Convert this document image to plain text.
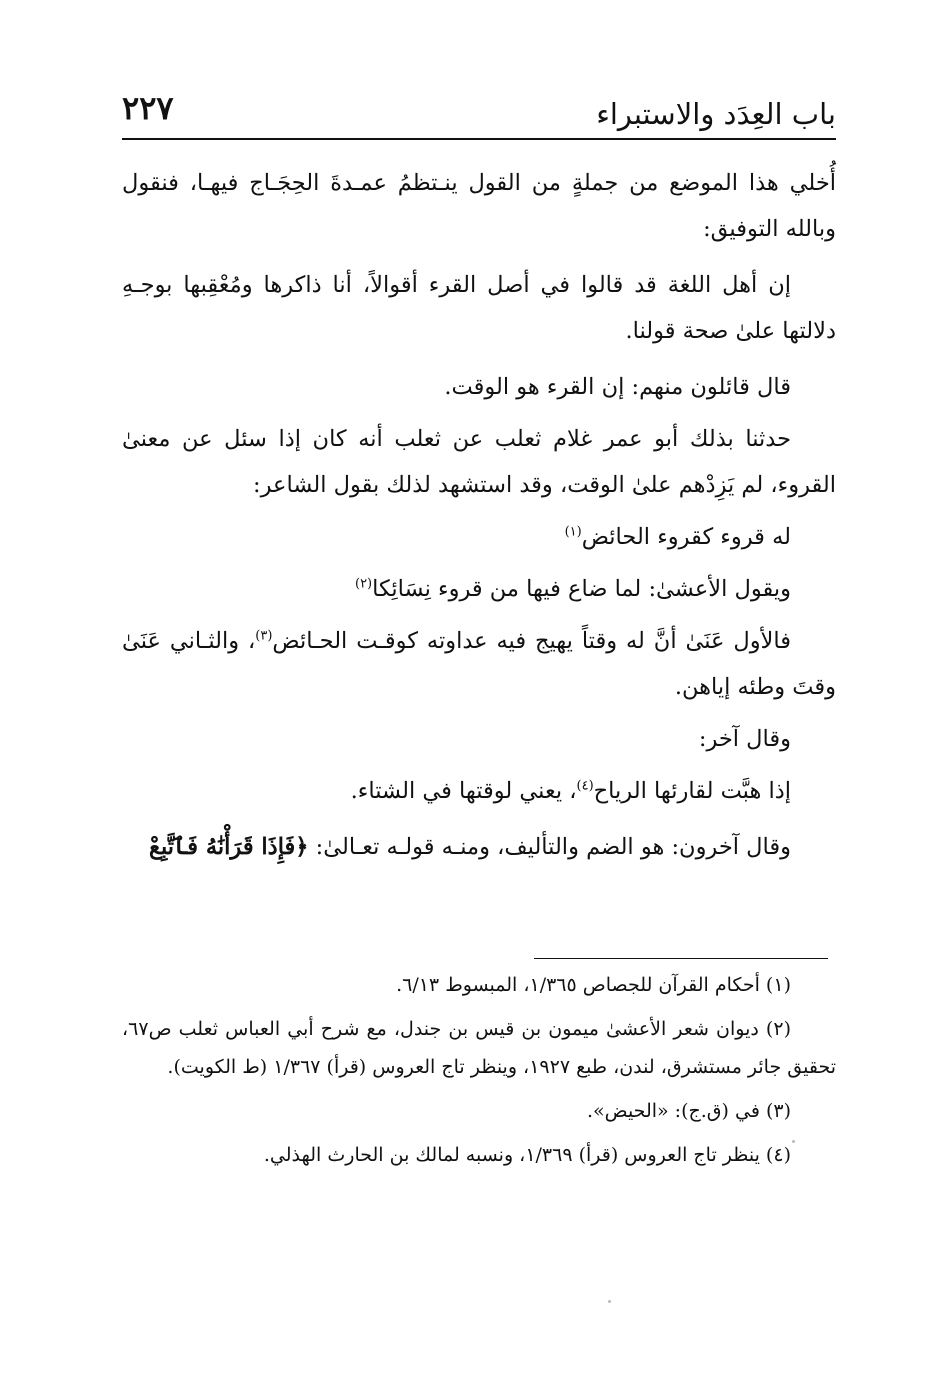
باب العِدَد والاستبراء
٢٢٧

أُخلي هذا الموضع من جملةٍ من القول ينـتظمُ عمـدةَ الحِجَـاج فيهـا، فنقول وبالله التوفيق:

إن أهل اللغة قد قالوا في أصل القرء أقوالاً، أنا ذاكرها ومُعْقِبها بوجـهِ دلالتها علىٰ صحة قولنا.

قال قائلون منهم: إن القرء هو الوقت.

حدثنا بذلك أبو عمر غلام ثعلب عن ثعلب أنه كان إذا سئل عن معنىٰ القروء، لم يَزِدْهم علىٰ الوقت، وقد استشهد لذلك بقول الشاعر:

له قروء كقروء الحائض$^{(١)}$

ويقول الأعشىٰ: لما ضاع فيها من قروء نِسَائِكا$^{(٢)}$

فالأول عَنَىٰ أنَّ له وقتاً يهيج فيه عداوته كوقـت الحـائض$^{(٣)}$، والثـاني عَنَىٰ وقتَ وطئه إياهن.

وقال آخر:

إذا هبَّت لقارئها الرياح$^{(٤)}$، يعني لوقتها في الشتاء.

وقال آخرون: هو الضم والتأليف، ومنـه قولـه تعـالىٰ: ﴿فَإِذَا قَرَأْنَٰهُ فَٱتَّبِعْ

(١) أحكام القرآن للجصاص ١/٣٦٥، المبسوط ٦/١٣.

(٢) ديوان شعر الأعشىٰ ميمون بن قيس بن جندل، مع شرح أبي العباس ثعلب ص٦٧، تحقيق جائر مستشرق، لندن، طبع ١٩٢٧، وينظر تاج العروس (قرأ) ١/٣٦٧ (ط الكويت).

(٣) في (ق.ج): «الحيض».

(٤) ينظر تاج العروس (قرأ) ١/٣٦٩، ونسبه لمالك بن الحارث الهذلي.
